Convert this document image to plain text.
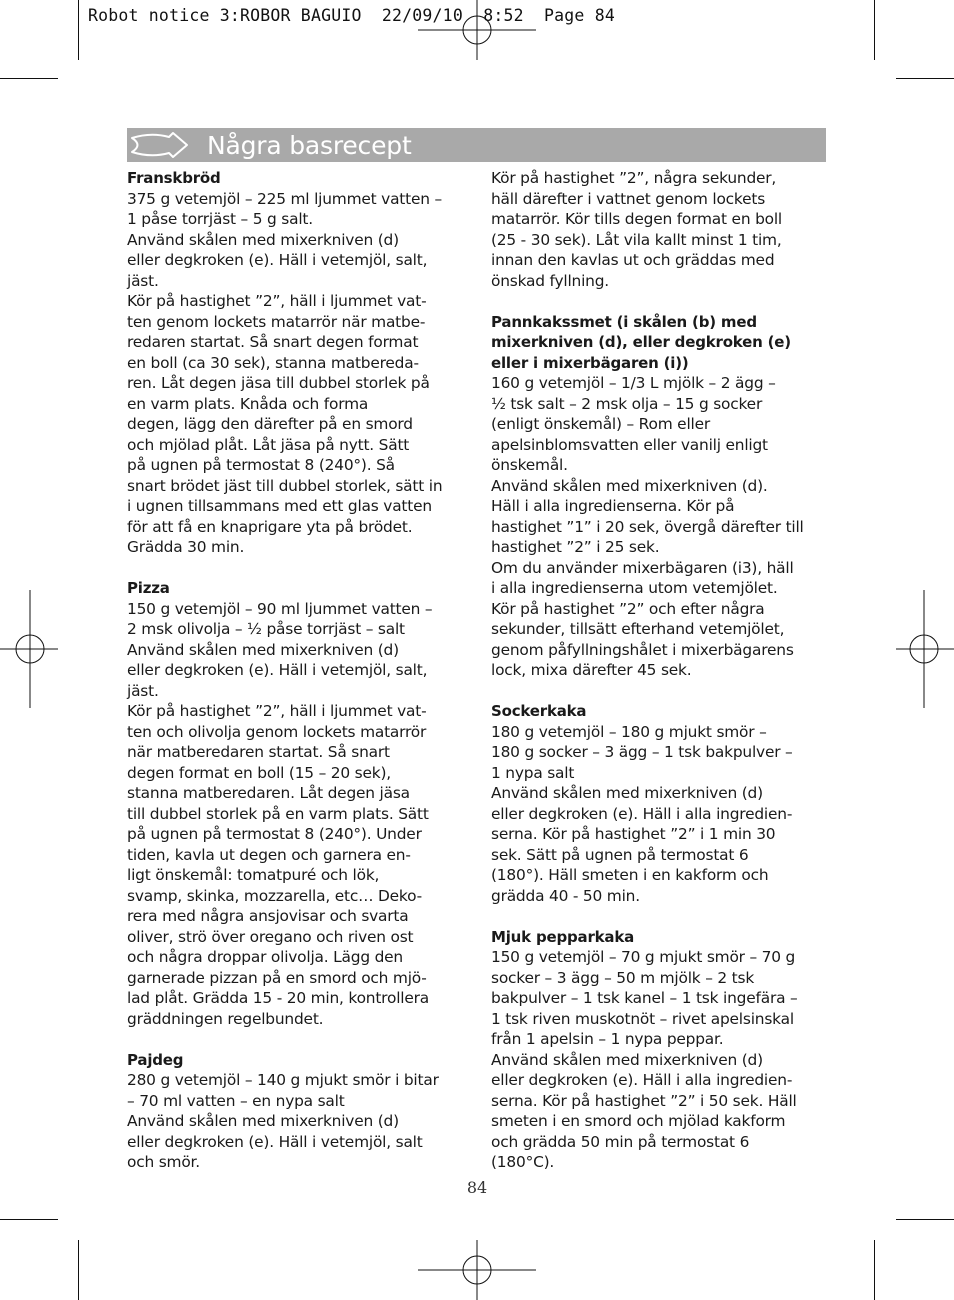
Robot notice 3:ROBOR BAGUIO  22/09/10  8:52  Page 84
Några basrecept
Franskbröd
375 g vetemjöl – 225 ml ljummet vatten –
1 påse torrjäst – 5 g salt.
Använd skålen med mixerkniven (d)
eller degkroken (e). Häll i vetemjöl, salt,
jäst.
Kör på hastighet ”2”, häll i ljummet vat-
ten genom lockets matarrör när matbe-
redaren startat. Så snart degen format
en boll (ca 30 sek), stanna matbereda-
ren. Låt degen jäsa till dubbel storlek på
en varm plats. Knåda och forma
degen, lägg den därefter på en smord
och mjölad plåt. Låt jäsa på nytt. Sätt
på ugnen på termostat 8 (240°). Så
snart brödet jäst till dubbel storlek, sätt in
i ugnen tillsammans med ett glas vatten
för att få en knaprigare yta på brödet.
Grädda 30 min.
Pizza
150 g vetemjöl – 90 ml ljummet vatten –
2 msk olivolja – ½ påse torrjäst – salt
Använd skålen med mixerkniven (d)
eller degkroken (e). Häll i vetemjöl, salt,
jäst.
Kör på hastighet ”2”, häll i ljummet vat-
ten och olivolja genom lockets matarrör
när matberedaren startat. Så snart
degen format en boll (15 – 20 sek),
stanna matberedaren. Låt degen jäsa
till dubbel storlek på en varm plats. Sätt
på ugnen på termostat 8 (240°). Under
tiden, kavla ut degen och garnera en-
ligt önskemål: tomatpuré och lök,
svamp, skinka, mozzarella, etc… Deko-
rera med några ansjovisar och svarta
oliver, strö över oregano och riven ost
och några droppar olivolja. Lägg den
garnerade pizzan på en smord och mjö-
lad plåt. Grädda 15 - 20 min, kontrollera
gräddningen regelbundet.
Pajdeg
280 g vetemjöl – 140 g mjukt smör i bitar
– 70 ml vatten – en nypa salt
Använd skålen med mixerkniven (d)
eller degkroken (e). Häll i vetemjöl, salt
och smör.
Kör på hastighet ”2”, några sekunder,
häll därefter i vattnet genom lockets
matarrör. Kör tills degen format en boll
(25 - 30 sek). Låt vila kallt minst 1 tim,
innan den kavlas ut och gräddas med
önskad fyllning.
Pannkakssmet (i skålen (b) med
mixerkniven (d), eller degkroken (e)
eller i mixerbägaren (i))
160 g vetemjöl – 1/3 L mjölk – 2 ägg –
½ tsk salt – 2 msk olja – 15 g socker
(enligt önskemål) – Rom eller
apelsinblomsvatten eller vanilj enligt
önskemål.
Använd skålen med mixerkniven (d).
Häll i alla ingredienserna. Kör på
hastighet ”1” i 20 sek, övergå därefter till
hastighet ”2” i 25 sek.
Om du använder mixerbägaren (i3), häll
i alla ingredienserna utom vetemjölet.
Kör på hastighet ”2” och efter några
sekunder, tillsätt efterhand vetemjölet,
genom påfyllningshålet i mixerbägarens
lock, mixa därefter 45 sek.
Sockerkaka
180 g vetemjöl – 180 g mjukt smör –
180 g socker – 3 ägg – 1 tsk bakpulver –
1 nypa salt
Använd skålen med mixerkniven (d)
eller degkroken (e). Häll i alla ingredien-
serna. Kör på hastighet ”2” i 1 min 30
sek. Sätt på ugnen på termostat 6
(180°). Häll smeten i en kakform och
grädda 40 - 50 min.
Mjuk pepparkaka
150 g vetemjöl – 70 g mjukt smör – 70 g
socker – 3 ägg – 50 m mjölk – 2 tsk
bakpulver – 1 tsk kanel – 1 tsk ingefära –
1 tsk riven muskotnöt – rivet apelsinskal
från 1 apelsin – 1 nypa peppar.
Använd skålen med mixerkniven (d)
eller degkroken (e). Häll i alla ingredien-
serna. Kör på hastighet ”2” i 50 sek. Häll
smeten i en smord och mjölad kakform
och grädda 50 min på termostat 6
(180°C).
84
